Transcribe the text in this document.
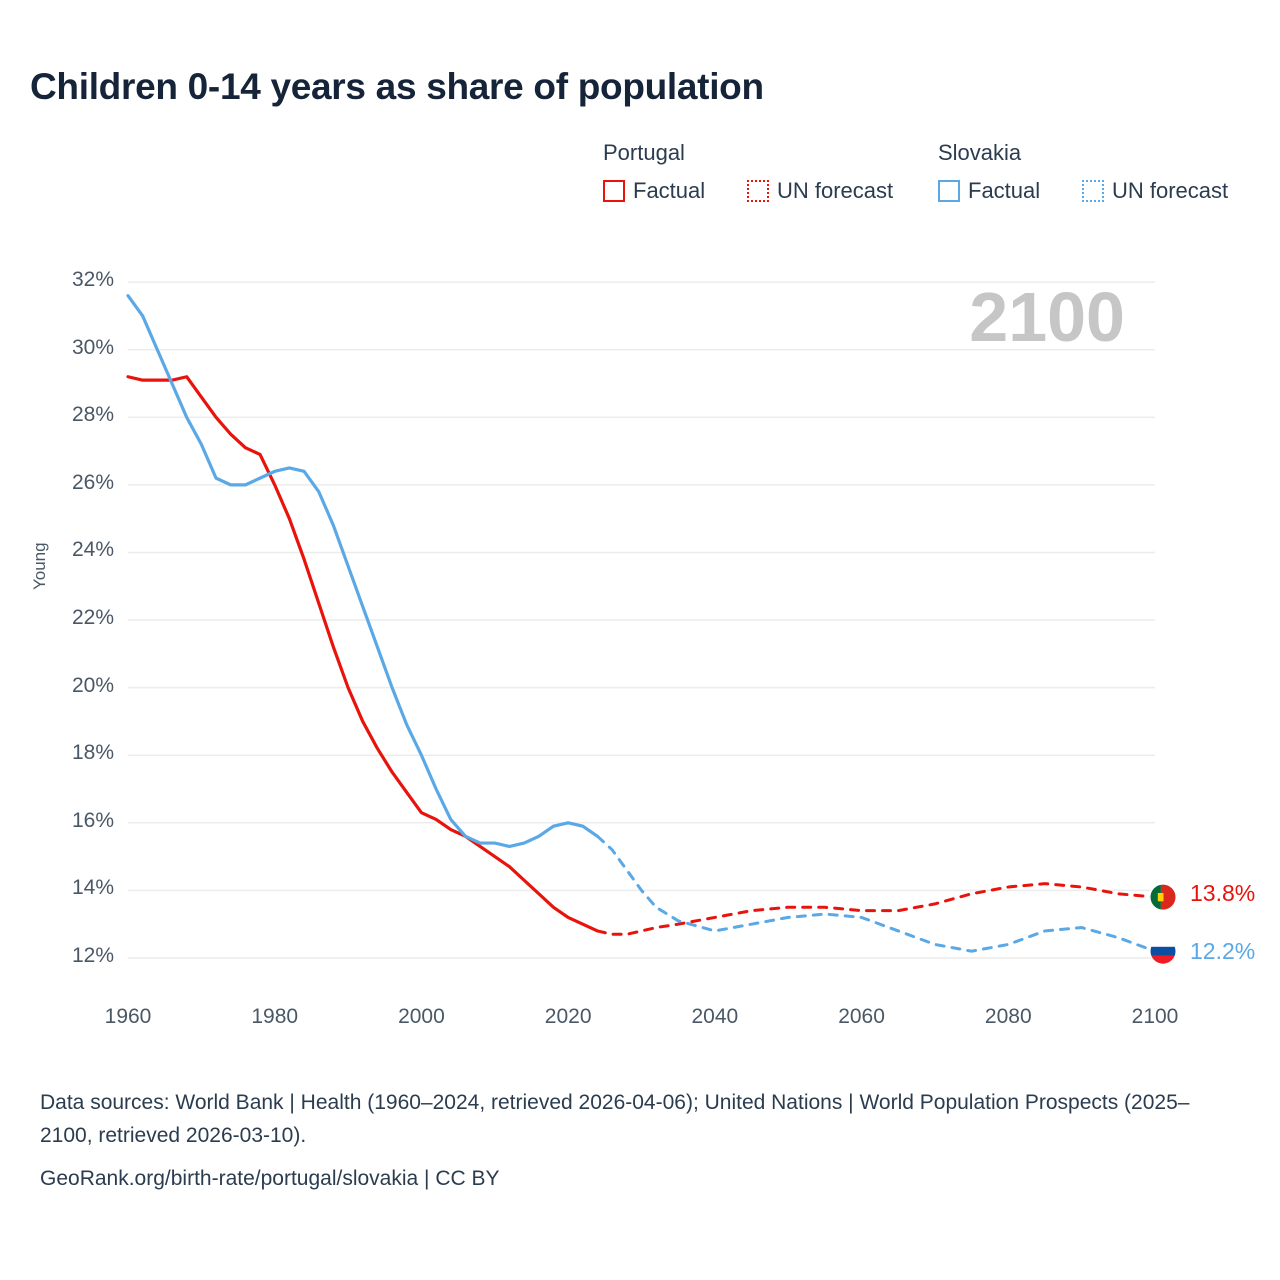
Children 0-14 years as share of population
Portugal	Slovakia
Factual	UN forecast	Factual	UN forecast
Young
2100
12%
14%
16%
18%
20%
22%
24%
26%
28%
30%
32%
1960	1980	2000	2020	2040	2060	2080	2100
13.8%
12.2%
Data sources: World Bank | Health (1960–2024, retrieved 2026-04-06); United Nations | World Population Prospects (2025–2100, retrieved 2026-03-10).
GeoRank.org/birth-rate/portugal/slovakia | CC BY
